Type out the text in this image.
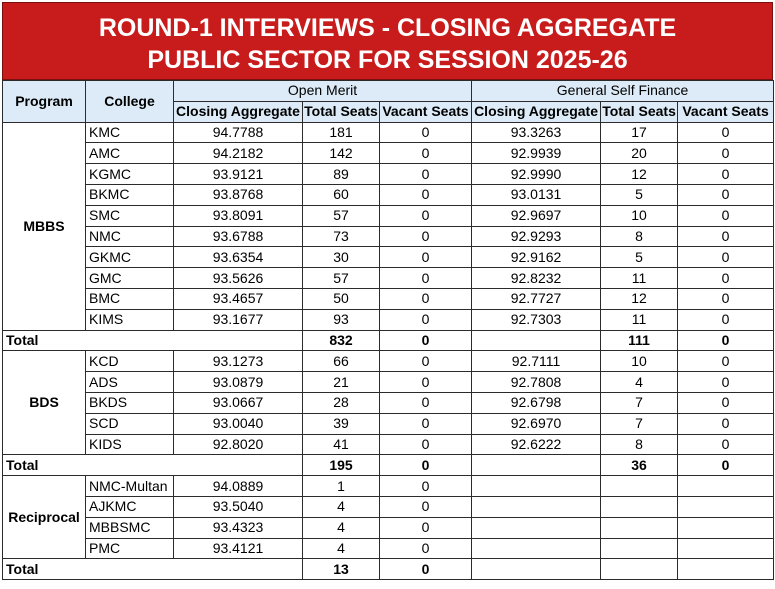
ROUND-1 INTERVIEWS - CLOSING AGGREGATE
PUBLIC SECTOR FOR SESSION 2025-26
Program	College	Open Merit			General Self Finance		
		Closing Aggregate	Total Seats	Vacant Seats	Closing Aggregate	Total Seats	Vacant Seats
MBBS	KMC	94.7788	181	0	93.3263	17	0
	AMC	94.2182	142	0	92.9939	20	0
	KGMC	93.9121	89	0	92.9990	12	0
	BKMC	93.8768	60	0	93.0131	5	0
	SMC	93.8091	57	0	92.9697	10	0
	NMC	93.6788	73	0	92.9293	8	0
	GKMC	93.6354	30	0	92.9162	5	0
	GMC	93.5626	57	0	92.8232	11	0
	BMC	93.4657	50	0	92.7727	12	0
	KIMS	93.1677	93	0	92.7303	11	0
Total			832	0		111	0
BDS	KCD	93.1273	66	0	92.7111	10	0
	ADS	93.0879	21	0	92.7808	4	0
	BKDS	93.0667	28	0	92.6798	7	0
	SCD	93.0040	39	0	92.6970	7	0
	KIDS	92.8020	41	0	92.6222	8	0
Total			195	0		36	0
Reciprocal	NMC-Multan	94.0889	1	0			
	AJKMC	93.5040	4	0			
	MBBSMC	93.4323	4	0			
	PMC	93.4121	4	0			
Total			13	0			
